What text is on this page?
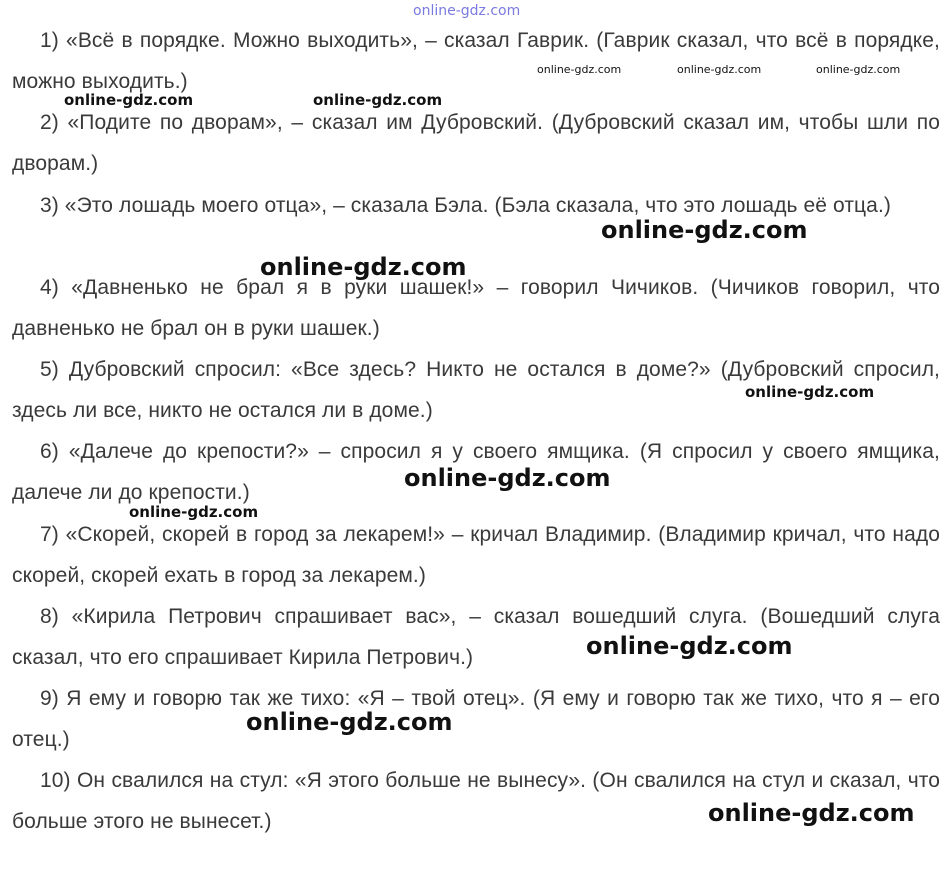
1) «Всё в порядке. Можно выходить», – сказал Гаврик. (Гаврик сказал, что всё в порядке, можно выходить.)

2) «Подите по дворам», – сказал им Дубровский. (Дубровский сказал им, чтобы шли по дворам.)

3) «Это лошадь моего отца», – сказала Бэла. (Бэла сказала, что это лошадь её отца.)

4) «Давненько не брал я в руки шашек!» – говорил Чичиков. (Чичиков говорил, что давненько не брал он в руки шашек.)

5) Дубровский спросил: «Все здесь? Никто не остался в доме?» (Дубровский спросил, здесь ли все, никто не остался ли в доме.)

6) «Далече до крепости?» – спросил я у своего ямщика. (Я спросил у своего ямщика, далече ли до крепости.)

7) «Скорей, скорей в город за лекарем!» – кричал Владимир. (Владимир кричал, что надо скорей, скорей ехать в город за лекарем.)

8) «Кирила Петрович спрашивает вас», – сказал вошедший слуга. (Вошедший слуга сказал, что его спрашивает Кирила Петрович.)

9) Я ему и говорю так же тихо: «Я – твой отец». (Я ему и говорю так же тихо, что я – его отец.)

10) Он свалился на стул: «Я этого больше не вынесу». (Он свалился на стул и сказал, что больше этого не вынесет.)

online-gdz.com
online-gdz.com	online-gdz.com	online-gdz.com
online-gdz.com	online-gdz.com
online-gdz.com
online-gdz.com
online-gdz.com
online-gdz.com
online-gdz.com
online-gdz.com
online-gdz.com
online-gdz.com
